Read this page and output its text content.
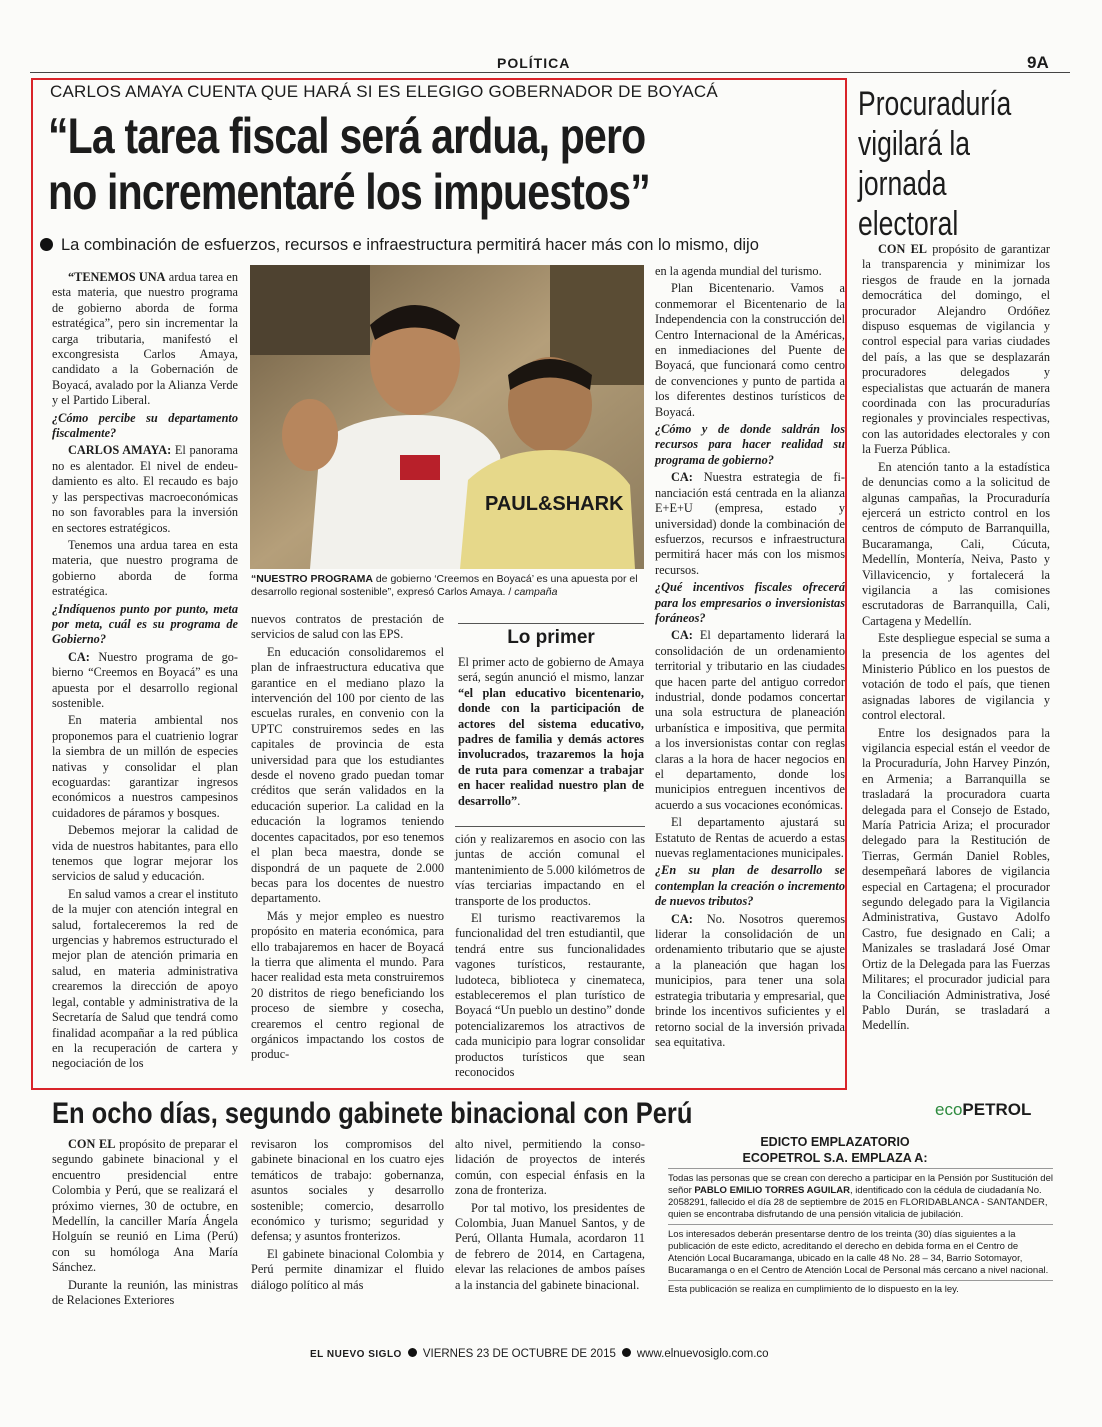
POLÍTICA	9A
CARLOS AMAYA CUENTA QUE HARÁ SI ES ELEGIGO GOBERNADOR DE BOYACÁ
“La tarea fiscal será ardua, pero
no incrementaré los impuestos”
La combinación de esfuerzos, recursos e infraestructura permitirá hacer más con lo mismo, dijo

“TENEMOS UNA ardua tarea en esta materia, que nuestro programa de gobierno aborda de forma estratégica”, pero sin incrementar la carga tributaria, manifestó el excongresista Carlos Amaya, candidato a la Gobernación de Boyacá, avalado por la Alianza Verde y el Partido Liberal.

¿Cómo percibe su departamento fiscalmente?

CARLOS AMAYA: El panorama no es alentador. El nivel de endeudamiento es alto. El recaudo es bajo y las perspectivas macroeconómicas no son favorables para la inversión en sectores estratégicos.

Tenemos una ardua tarea en esta materia, que nuestro programa de gobierno aborda de forma estratégica.

¿Indíquenos punto por punto, meta por meta, cuál es su programa de Gobierno?

CA: Nuestro programa de gobierno “Creemos en Boyacá” es una apuesta por el desarrollo regional sostenible.

En materia ambiental nos proponemos para el cuatrienio lograr la siembra de un millón de especies nativas y consolidar el plan ecoguardas: garantizar ingresos económicos a nuestros campesinos cuidadores de páramos y bosques.

Debemos mejorar la calidad de vida de nuestros habitantes, para ello tenemos que lograr mejorar los servicios de salud y educación.

En salud vamos a crear el instituto de la mujer con atención integral en salud, fortaleceremos la red de urgencias y habremos estructurado el mejor plan de atención primaria en salud, en materia administrativa crearemos la dirección de apoyo legal, contable y administrativa de la Secretaría de Salud que tendrá como finalidad acompañar a la red pública en la recuperación de cartera y negociación de los

PAUL&SHARK
“NUESTRO PROGRAMA de gobierno ‘Creemos en Boyacá’ es una apuesta por el desarrollo regional sostenible”, expresó Carlos Amaya. / campaña

nuevos contratos de prestación de servicios de salud con las EPS.

En educación consolidaremos el plan de infraestructura educativa que garantice en el mediano plazo la intervención del 100 por ciento de las escuelas rurales, en convenio con la UPTC construiremos sedes en las capitales de provincia de esta universidad para que los estudiantes desde el noveno grado puedan tomar créditos que serán validados en la educación superior. La calidad en la educación la logramos teniendo docentes capacitados, por eso tenemos el plan beca maestra, donde se dispondrá de un paquete de 2.000 becas para los docentes de nuestro departamento.

Más y mejor empleo es nuestro propósito en materia económica, para ello trabajaremos en hacer de Boyacá la tierra que alimenta el mundo. Para hacer realidad esta meta construiremos 20 distritos de riego beneficiando los proceso de siembre y cosecha, crearemos el centro regional de orgánicos impactando los costos de produc-

Lo primer
El primer acto de gobierno de Amaya será, según anunció el mismo, lanzar “el plan educativo bicentenario, donde con la participación de actores del sistema educativo, padres de familia y demás actores involucrados, trazaremos la hoja de ruta para comenzar a trabajar en hacer realidad nuestro plan de desarrollo”.

ción y realizaremos en asocio con las juntas de acción comunal el mantenimiento de 5.000 kilómetros de vías terciarias impactando en el transporte de los productos.

El turismo reactivaremos la funcionalidad del tren estudiantil, que tendrá entre sus funcionalidades vagones turísticos, restaurante, ludoteca, biblioteca y cinemateca, estableceremos el plan turístico de Boyacá “Un pueblo un destino” donde potencializaremos los atractivos de cada municipio para lograr consolidar productos turísticos que sean reconocidos

en la agenda mundial del turismo.

Plan Bicentenario. Vamos a conmemorar el Bicentenario de la Independencia con la construcción del Centro Internacional de la Américas, en inmediaciones del Puente de Boyacá, que funcionará como centro de convenciones y punto de partida a los diferentes destinos turísticos de Boyacá.

¿Cómo y de donde saldrán los recursos para hacer realidad su programa de gobierno?

CA: Nuestra estrategia de financiación está centrada en la alianza E+E+U (empresa, estado y universidad) donde la combinación de esfuerzos, recursos e infraestructura permitirá hacer más con los mismos recursos.

¿Qué incentivos fiscales ofrecerá para los empresarios o inversionistas foráneos?

CA: El departamento liderará la consolidación de un ordenamiento territorial y tributario en las ciudades que hacen parte del antiguo corredor industrial, donde podamos concertar una sola estructura de planeación urbanística e impositiva, que permita a los inversionistas contar con reglas claras a la hora de hacer negocios en el departamento, donde los municipios entreguen incentivos de acuerdo a sus vocaciones económicas.

El departamento ajustará su Estatuto de Rentas de acuerdo a estas nuevas reglamentaciones municipales.

¿En su plan de desarrollo se contemplan la creación o incremento de nuevos tributos?

CA: No. Nosotros queremos liderar la consolidación de un ordenamiento tributario que se ajuste a la planeación que hagan los municipios, para tener una sola estrategia tributaria y empresarial, que brinde los incentivos suficientes y el retorno social de la inversión privada sea equitativa.

Procuraduría vigilará la jornada electoral

CON EL propósito de garantizar la transparencia y minimizar los riesgos de fraude en la jornada democrática del domingo, el procurador Alejandro Ordóñez dispuso esquemas de vigilancia y control especial para varias ciudades del país, a las que se desplazarán procuradores delegados y especialistas que actuarán de manera coordinada con las procuradurías regionales y provinciales respectivas, con las autoridades electorales y con la Fuerza Pública.

En atención tanto a la estadística de denuncias como a la solicitud de algunas campañas, la Procuraduría ejercerá un estricto control en los centros de cómputo de Barranquilla, Bucaramanga, Cali, Cúcuta, Medellín, Montería, Neiva, Pasto y Villavicencio, y fortalecerá la vigilancia a las comisiones escrutadoras de Barranquilla, Cali, Cartagena y Medellín.

Este despliegue especial se suma a la presencia de los agentes del Ministerio Público en los puestos de votación de todo el país, que tienen asignadas labores de vigilancia y control electoral.

Entre los designados para la vigilancia especial están el veedor de la Procuraduría, John Harvey Pinzón, en Armenia; a Barranquilla se trasladará la procuradora cuarta delegada para el Consejo de Estado, María Patricia Ariza; el procurador delegado para la Restitución de Tierras, Germán Daniel Robles, desempeñará labores de vigilancia especial en Cartagena; el procurador segundo delegado para la Vigilancia Administrativa, Gustavo Adolfo Castro, fue designado en Cali; a Manizales se trasladará José Omar Ortiz de la Delegada para las Fuerzas Militares; el procurador judicial para la Conciliación Administrativa, José Pablo Durán, se trasladará a Medellín.

En ocho días, segundo gabinete binacional con Perú

CON EL propósito de preparar el segundo gabinete binacional y el encuentro presidencial entre Colombia y Perú, que se realizará el próximo viernes, 30 de octubre, en Medellín, la canciller María Ángela Holguín se reunió en Lima (Perú) con su homóloga Ana María Sánchez.

Durante la reunión, las ministras de Relaciones Exteriores

revisaron los compromisos del gabinete binacional en los cuatro ejes temáticos de trabajo: gobernanza, asuntos sociales y desarrollo sostenible; comercio, desarrollo económico y turismo; seguridad y defensa; y asuntos fronterizos.

El gabinete binacional Colombia y Perú permite dinamizar el fluido diálogo político al más

alto nivel, permitiendo la consolidación de proyectos de interés común, con especial énfasis en la zona de fronteriza.

Por tal motivo, los presidentes de Colombia, Juan Manuel Santos, y de Perú, Ollanta Humala, acordaron 11 de febrero de 2014, en Cartagena, elevar las relaciones de ambos países a la instancia del gabinete binacional.

ecoPETROL
EDICTO EMPLAZATORIO
ECOPETROL S.A. EMPLAZA A:
Todas las personas que se crean con derecho a participar en la Pensión por Sustitución del señor PABLO EMILIO TORRES AGUILAR, identificado con la cédula de ciudadanía No. 2058291, fallecido el día 28 de septiembre de 2015 en FLORIDABLANCA - SANTANDER, quien se encontraba disfrutando de una pensión vitalicia de jubilación.
Los interesados deberán presentarse dentro de los treinta (30) días siguientes a la publicación de este edicto, acreditando el derecho en debida forma en el Centro de Atención Local Bucaramanga, ubicado en la calle 48 No. 28 – 34, Barrio Sotomayor, Bucaramanga o en el Centro de Atención Local de Personal más cercano a nivel nacional.
Esta publicación se realiza en cumplimiento de lo dispuesto en la ley.
EL NUEVO SIGLO VIERNES 23 DE OCTUBRE DE 2015 www.elnuevosiglo.com.co
